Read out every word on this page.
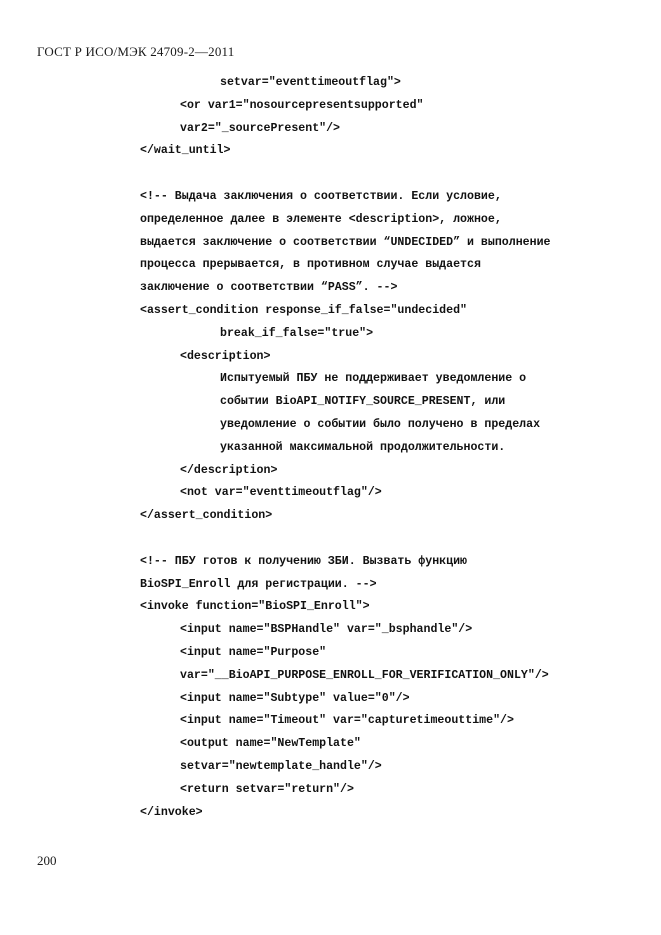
ГОСТ Р ИСО/МЭК 24709-2—2011
setvar="eventtimeoutflag">
<or var1="nosourcepresentsupported"
var2="_sourcePresent"/>
</wait_until>
<!-- Выдача заключения о соответствии. Если условие,
определенное далее в элементе <description>, ложное,
выдается заключение о соответствии “UNDECIDED” и выполнение
процесса прерывается, в противном случае выдается
заключение о соответствии “PASS”. -->
<assert_condition response_if_false="undecided"
break_if_false="true">
<description>
Испытуемый ПБУ не поддерживает уведомление о
событии BioAPI_NOTIFY_SOURCE_PRESENT, или
уведомление о событии было получено в пределах
указанной максимальной продолжительности.
</description>
<not var="eventtimeoutflag"/>
</assert_condition>
<!-- ПБУ готов к получению ЗБИ. Вызвать функцию
BioSPI_Enroll для регистрации. -->
<invoke function="BioSPI_Enroll">
<input name="BSPHandle" var="_bsphandle"/>
<input name="Purpose"
var="__BioAPI_PURPOSE_ENROLL_FOR_VERIFICATION_ONLY"/>
<input name="Subtype" value="0"/>
<input name="Timeout" var="capturetimeouttime"/>
<output name="NewTemplate"
setvar="newtemplate_handle"/>
<return setvar="return"/>
</invoke>
200
